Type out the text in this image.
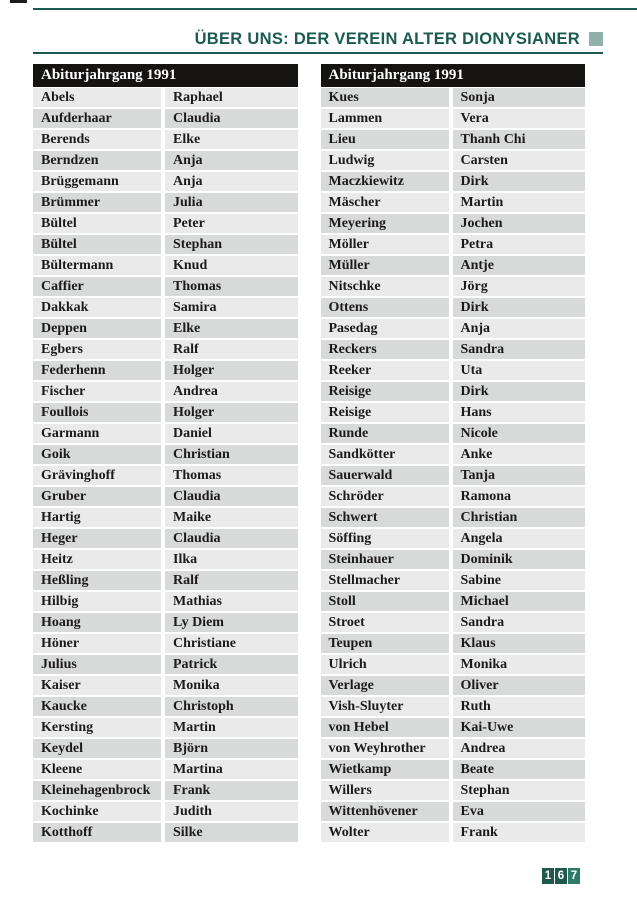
ÜBER UNS: DER VEREIN ALTER DIONYSIANER
Abiturjahrgang 1991
Abels	Raphael
Aufderhaar	Claudia
Berends	Elke
Berndzen	Anja
Brüggemann	Anja
Brümmer	Julia
Bültel	Peter
Bültel	Stephan
Bültermann	Knud
Caffier	Thomas
Dakkak	Samira
Deppen	Elke
Egbers	Ralf
Federhenn	Holger
Fischer	Andrea
Foullois	Holger
Garmann	Daniel
Goik	Christian
Grävinghoff	Thomas
Gruber	Claudia
Hartig	Maike
Heger	Claudia
Heitz	Ilka
Heßling	Ralf
Hilbig	Mathias
Hoang	Ly Diem
Höner	Christiane
Julius	Patrick
Kaiser	Monika
Kaucke	Christoph
Kersting	Martin
Keydel	Björn
Kleene	Martina
Kleinehagenbrock	Frank
Kochinke	Judith
Kotthoff	Silke
Abiturjahrgang 1991
Kues	Sonja
Lammen	Vera
Lieu	Thanh Chi
Ludwig	Carsten
Maczkiewitz	Dirk
Mäscher	Martin
Meyering	Jochen
Möller	Petra
Müller	Antje
Nitschke	Jörg
Ottens	Dirk
Pasedag	Anja
Reckers	Sandra
Reeker	Uta
Reisige	Dirk
Reisige	Hans
Runde	Nicole
Sandkötter	Anke
Sauerwald	Tanja
Schröder	Ramona
Schwert	Christian
Söffing	Angela
Steinhauer	Dominik
Stellmacher	Sabine
Stoll	Michael
Stroet	Sandra
Teupen	Klaus
Ulrich	Monika
Verlage	Oliver
Vish-Sluyter	Ruth
von Hebel	Kai-Uwe
von Weyhrother	Andrea
Wietkamp	Beate
Willers	Stephan
Wittenhövener	Eva
Wolter	Frank
1 6 7
